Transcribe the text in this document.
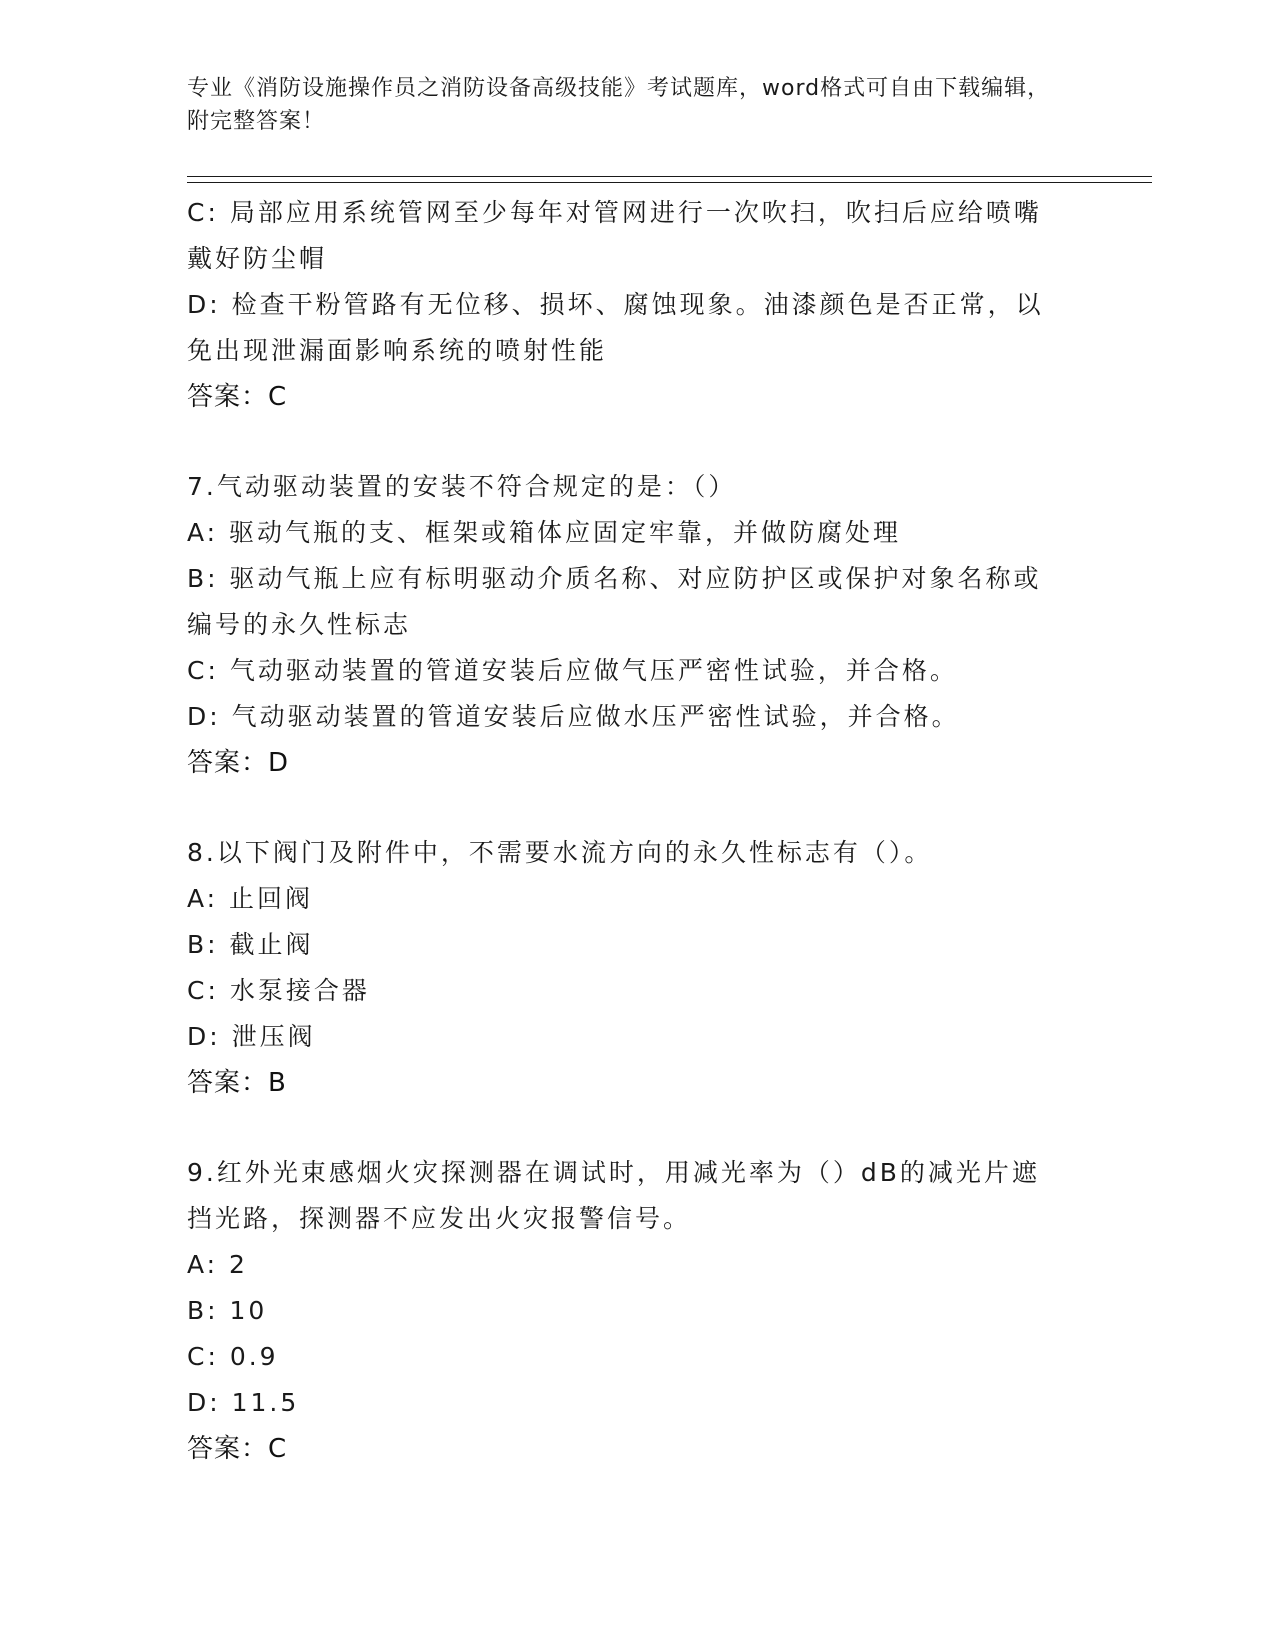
专业《消防设施操作员之消防设备高级技能》考试题库，word格式可自由下载编辑，附完整答案！
C: 局部应用系统管网至少每年对管网进行一次吹扫，吹扫后应给喷嘴戴好防尘帽
D: 检查干粉管路有无位移、损坏、腐蚀现象。油漆颜色是否正常，以免出现泄漏面影响系统的喷射性能
答案：C
7.气动驱动装置的安装不符合规定的是：（）
A: 驱动气瓶的支、框架或箱体应固定牢靠，并做防腐处理
B: 驱动气瓶上应有标明驱动介质名称、对应防护区或保护对象名称或编号的永久性标志
C: 气动驱动装置的管道安装后应做气压严密性试验，并合格。
D: 气动驱动装置的管道安装后应做水压严密性试验，并合格。
答案：D
8.以下阀门及附件中，不需要水流方向的永久性标志有（）。
A: 止回阀
B: 截止阀
C: 水泵接合器
D: 泄压阀
答案：B
9.红外光束感烟火灾探测器在调试时，用减光率为（）dB的减光片遮挡光路，探测器不应发出火灾报警信号。
A: 2
B: 10
C: 0.9
D: 11.5
答案：C
